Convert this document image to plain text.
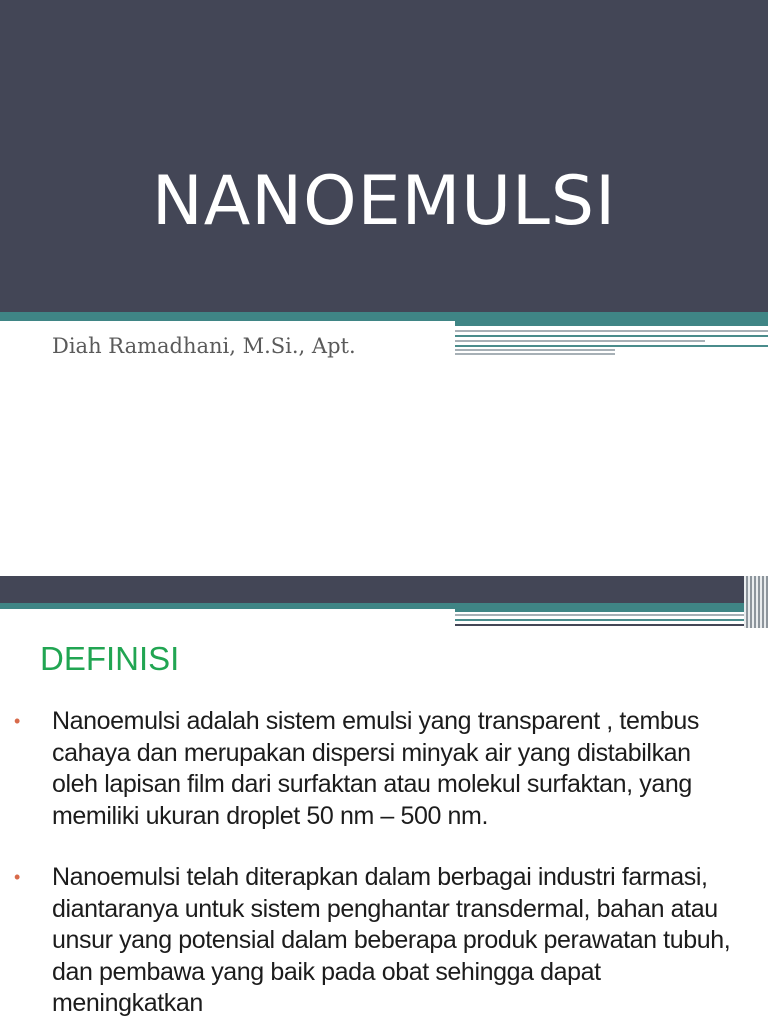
NANOEMULSI
Diah Ramadhani, M.Si., Apt.
DEFINISI
• Nanoemulsi adalah sistem emulsi yang transparent , tembus cahaya dan merupakan dispersi minyak air yang distabilkan oleh lapisan film dari surfaktan atau molekul surfaktan, yang memiliki ukuran droplet 50 nm – 500 nm.
• Nanoemulsi telah diterapkan dalam berbagai industri farmasi, diantaranya untuk sistem penghantar transdermal, bahan atau unsur yang potensial dalam beberapa produk perawatan tubuh, dan pembawa yang baik pada obat sehingga dapat meningkatkan
